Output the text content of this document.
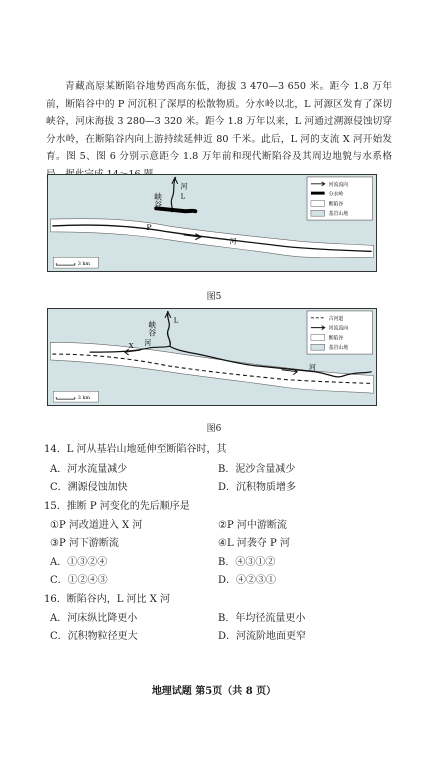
青藏高原某断陷谷地势西高东低，海拔 3 470—3 650 米。距今 1.8 万年前，断陷谷中的 P 河沉积了深厚的松散物质。分水岭以北，L 河源区发育了深切峡谷，河床海拔 3 280—3 320 米。距今 1.8 万年以来，L 河通过溯源侵蚀切穿分水岭，在断陷谷内向上游持续延伸近 80 千米。此后，L 河的支流 X 河开始发育。图 5、图 6 分别示意距今 1.8 万年前和现代断陷谷及其周边地貌与水系格
峡谷
河
L
P
河
河流流向
分水岭
断陷谷
基岩山地
3 km
图5
峡谷
L
X 河
河
古河道
河流流向
断陷谷
基岩山地
3 km
图6
14．L 河从基岩山地延伸至断陷谷时，其
A．河水流量减少	B．泥沙含量减少
C．溯源侵蚀加快	D．沉积物质增多
15．推断 P 河变化的先后顺序是
①P 河改道进入 X 河	②P 河中游断流
③P 河下游断流	④L 河袭夺 P 河
A．①③②④	B．④③①②
C．①②④③	D．④②③①
16．断陷谷内，L 河比 X 河
A．河床纵比降更小	B．年均径流量更小
C．沉积物粒径更大	D．河流阶地面更窄
地理试题 第5页（共 8 页）
